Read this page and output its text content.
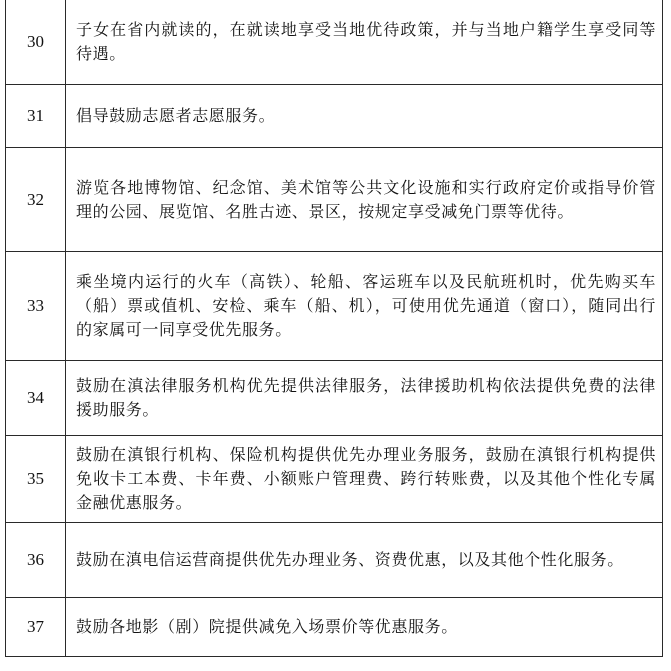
30	子女在省内就读的，在就读地享受当地优待政策，并与当地户籍学生享受同等待遇。
31	倡导鼓励志愿者志愿服务。
32	游览各地博物馆、纪念馆、美术馆等公共文化设施和实行政府定价或指导价管理的公园、展览馆、名胜古迹、景区，按规定享受减免门票等优待。
33	乘坐境内运行的火车（高铁）、轮船、客运班车以及民航班机时，优先购买车（船）票或值机、安检、乘车（船、机），可使用优先通道（窗口），随同出行的家属可一同享受优先服务。
34	鼓励在滇法律服务机构优先提供法律服务，法律援助机构依法提供免费的法律援助服务。
35	鼓励在滇银行机构、保险机构提供优先办理业务服务，鼓励在滇银行机构提供免收卡工本费、卡年费、小额账户管理费、跨行转账费，以及其他个性化专属金融优惠服务。
36	鼓励在滇电信运营商提供优先办理业务、资费优惠，以及其他个性化服务。
37	鼓励各地影（剧）院提供减免入场票价等优惠服务。
